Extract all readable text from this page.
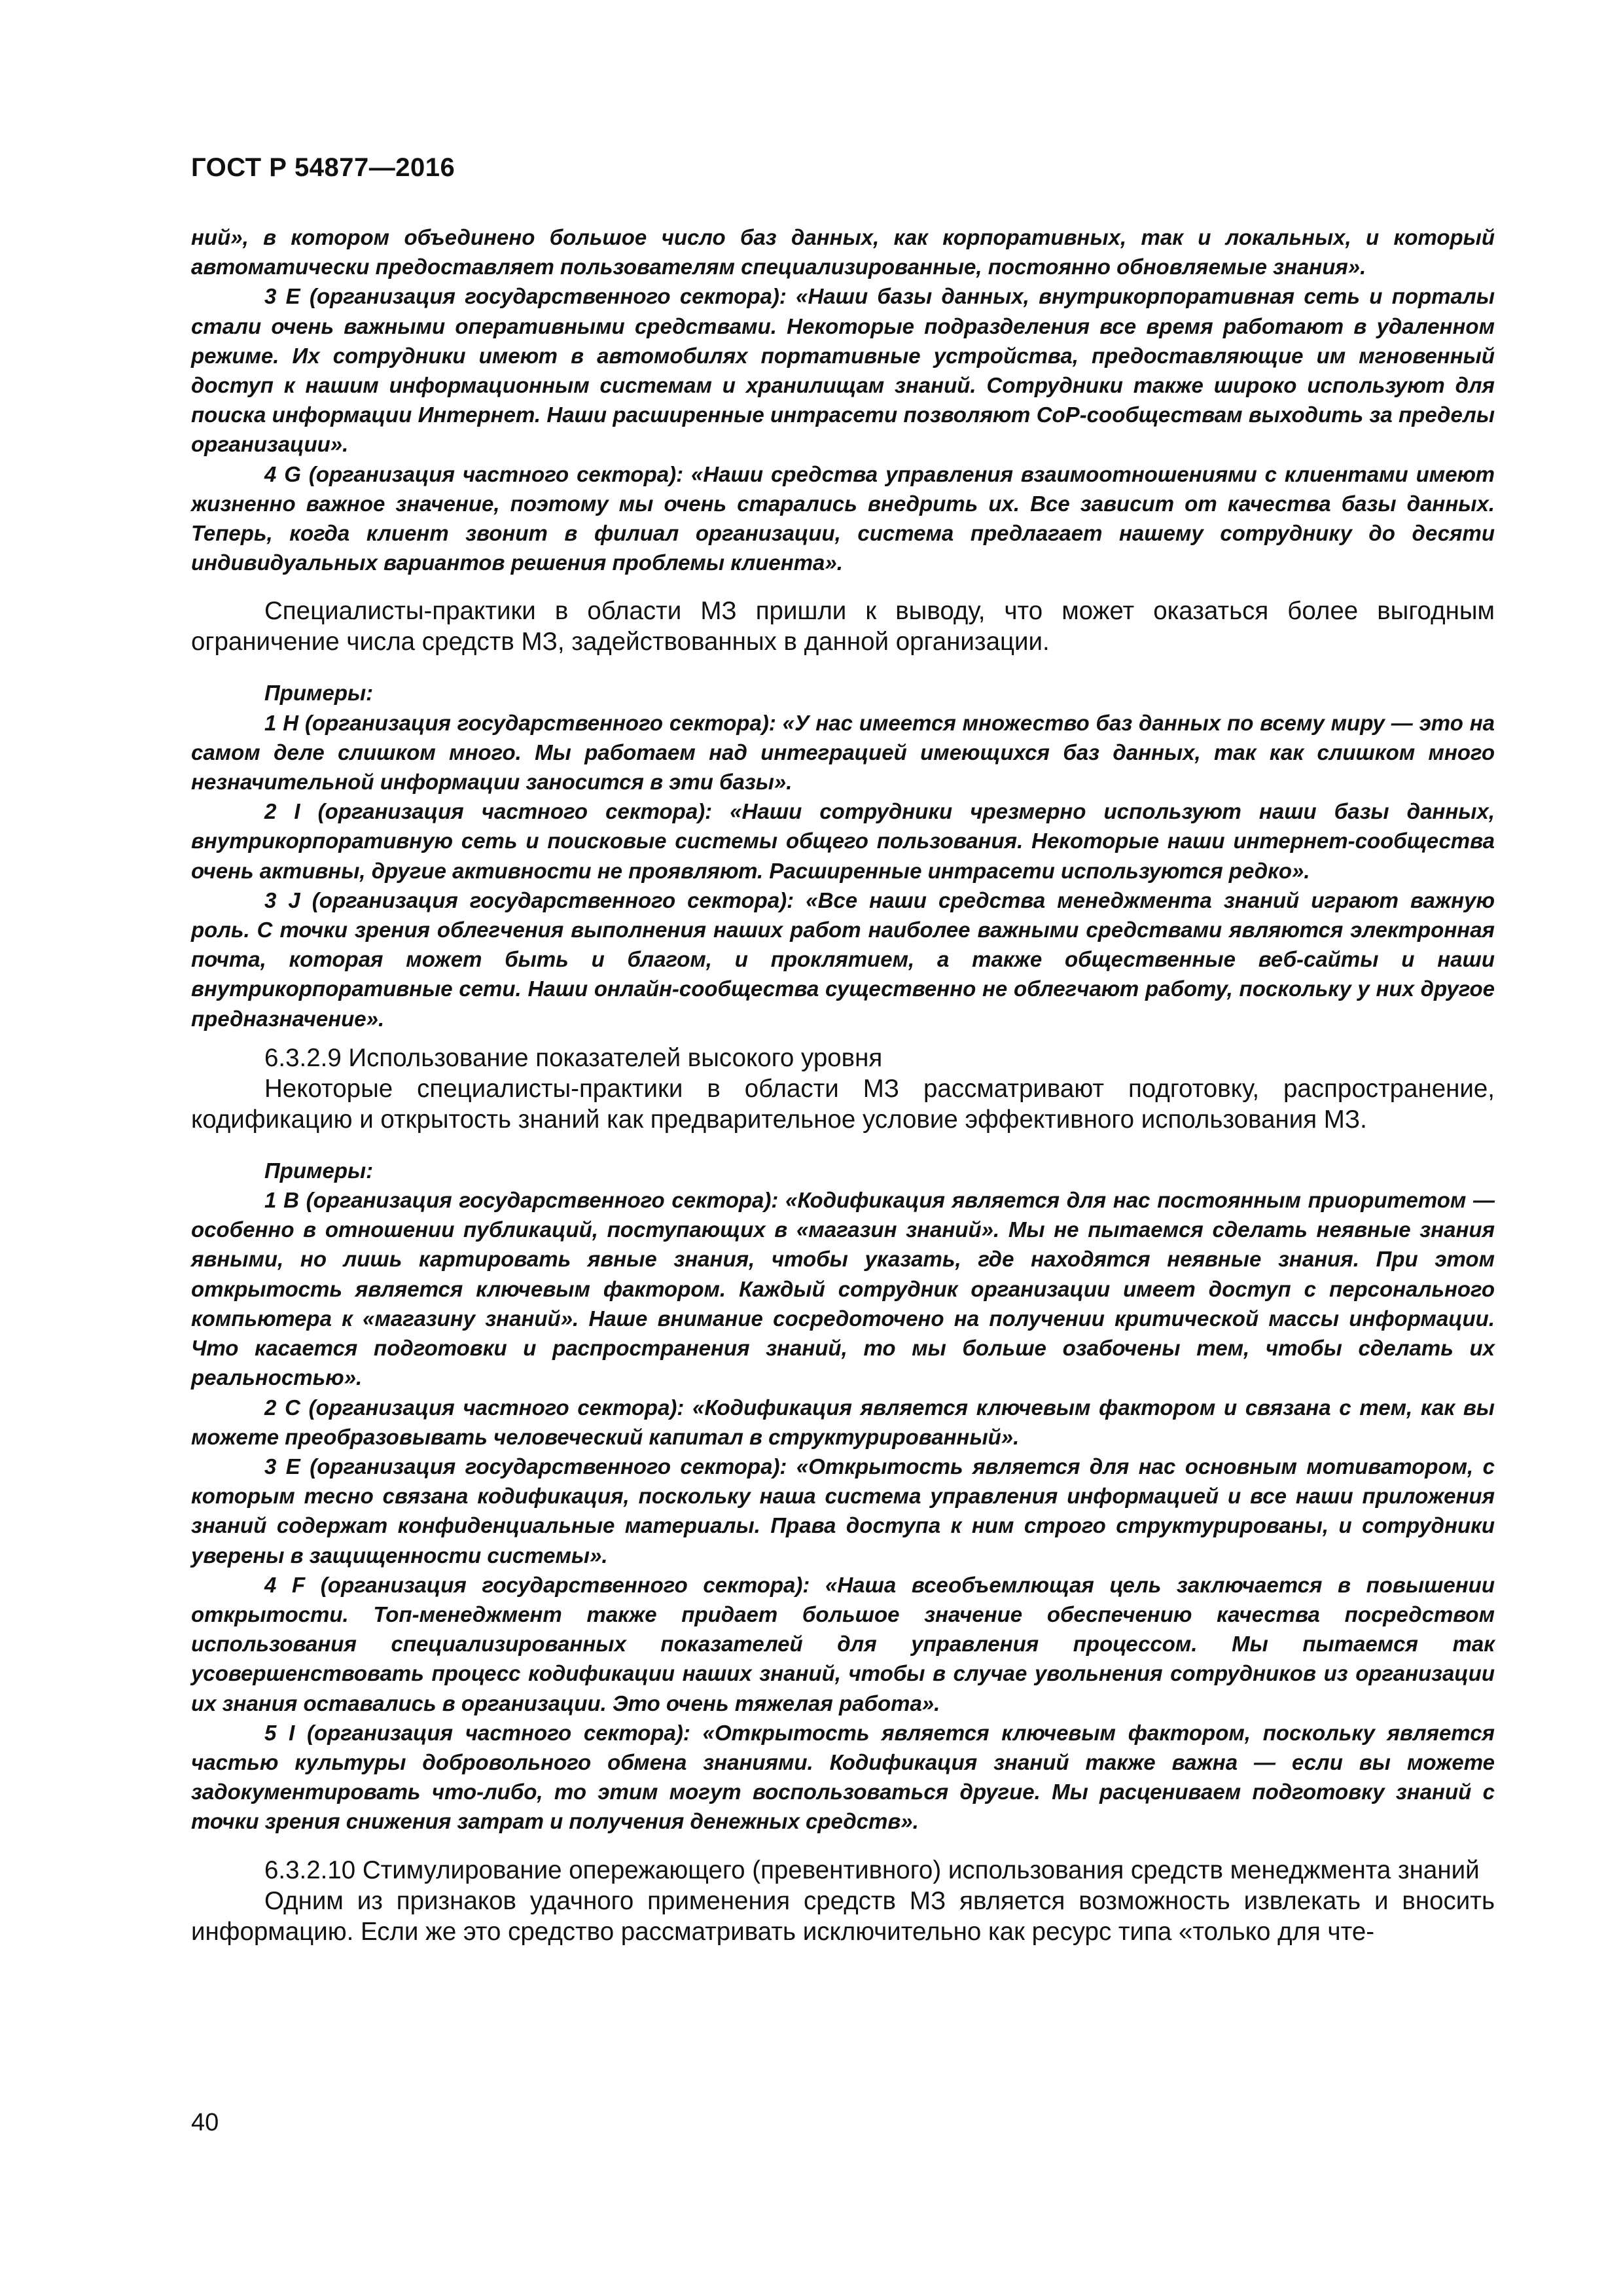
ГОСТ Р 54877—2016

ний», в котором объединено большое число баз данных, как корпоративных, так и локальных, и который автоматически предоставляет пользователям специализированные, постоянно обновляемые знания».

3 E (организация государственного сектора): «Наши базы данных, внутрикорпоративная сеть и порталы стали очень важными оперативными средствами. Некоторые подразделения все время работают в удаленном режиме. Их сотрудники имеют в автомобилях портативные устройства, предоставляющие им мгновенный доступ к нашим информационным системам и хранилищам знаний. Сотрудники также широко используют для поиска информации Интернет. Наши расширенные интрасети позволяют CoP-сообществам выходить за пределы организации».

4 G (организация частного сектора): «Наши средства управления взаимоотношениями с клиентами имеют жизненно важное значение, поэтому мы очень старались внедрить их. Все зависит от качества базы данных. Теперь, когда клиент звонит в филиал организации, система предлагает нашему сотруднику до десяти индивидуальных вариантов решения проблемы клиента».

Специалисты-практики в области МЗ пришли к выводу, что может оказаться более выгодным ограничение числа средств МЗ, задействованных в данной организации.

Примеры:

1 H (организация государственного сектора): «У нас имеется множество баз данных по всему миру — это на самом деле слишком много. Мы работаем над интеграцией имеющихся баз данных, так как слишком много незначительной информации заносится в эти базы».

2 I (организация частного сектора): «Наши сотрудники чрезмерно используют наши базы данных, внутрикорпоративную сеть и поисковые системы общего пользования. Некоторые наши интернет-сообщества очень активны, другие активности не проявляют. Расширенные интрасети используются редко».

3 J (организация государственного сектора): «Все наши средства менеджмента знаний играют важную роль. С точки зрения облегчения выполнения наших работ наиболее важными средствами являются электронная почта, которая может быть и благом, и проклятием, а также общественные веб-сайты и наши внутрикорпоративные сети. Наши онлайн-сообщества существенно не облегчают работу, поскольку у них другое предназначение».

6.3.2.9 Использование показателей высокого уровня

Некоторые специалисты-практики в области МЗ рассматривают подготовку, распространение, кодификацию и открытость знаний как предварительное условие эффективного использования МЗ.

Примеры:

1 B (организация государственного сектора): «Кодификация является для нас постоянным приоритетом — особенно в отношении публикаций, поступающих в «магазин знаний». Мы не пытаемся сделать неявные знания явными, но лишь картировать явные знания, чтобы указать, где находятся неявные знания. При этом открытость является ключевым фактором. Каждый сотрудник организации имеет доступ с персонального компьютера к «магазину знаний». Наше внимание сосредоточено на получении критической массы информации. Что касается подготовки и распространения знаний, то мы больше озабочены тем, чтобы сделать их реальностью».

2 C (организация частного сектора): «Кодификация является ключевым фактором и связана с тем, как вы можете преобразовывать человеческий капитал в структурированный».

3 E (организация государственного сектора): «Открытость является для нас основным мотиватором, с которым тесно связана кодификация, поскольку наша система управления информацией и все наши приложения знаний содержат конфиденциальные материалы. Права доступа к ним строго структурированы, и сотрудники уверены в защищенности системы».

4 F (организация государственного сектора): «Наша всеобъемлющая цель заключается в повышении открытости. Топ-менеджмент также придает большое значение обеспечению качества посредством использования специализированных показателей для управления процессом. Мы пытаемся так усовершенствовать процесс кодификации наших знаний, чтобы в случае увольнения сотрудников из организации их знания оставались в организации. Это очень тяжелая работа».

5 I (организация частного сектора): «Открытость является ключевым фактором, поскольку является частью культуры добровольного обмена знаниями. Кодификация знаний также важна — если вы можете задокументировать что-либо, то этим могут воспользоваться другие. Мы расцениваем подготовку знаний с точки зрения снижения затрат и получения денежных средств».

6.3.2.10 Стимулирование опережающего (превентивного) использования средств менеджмента знаний

Одним из признаков удачного применения средств МЗ является возможность извлекать и вносить информацию. Если же это средство рассматривать исключительно как ресурс типа «только для чте-

40
